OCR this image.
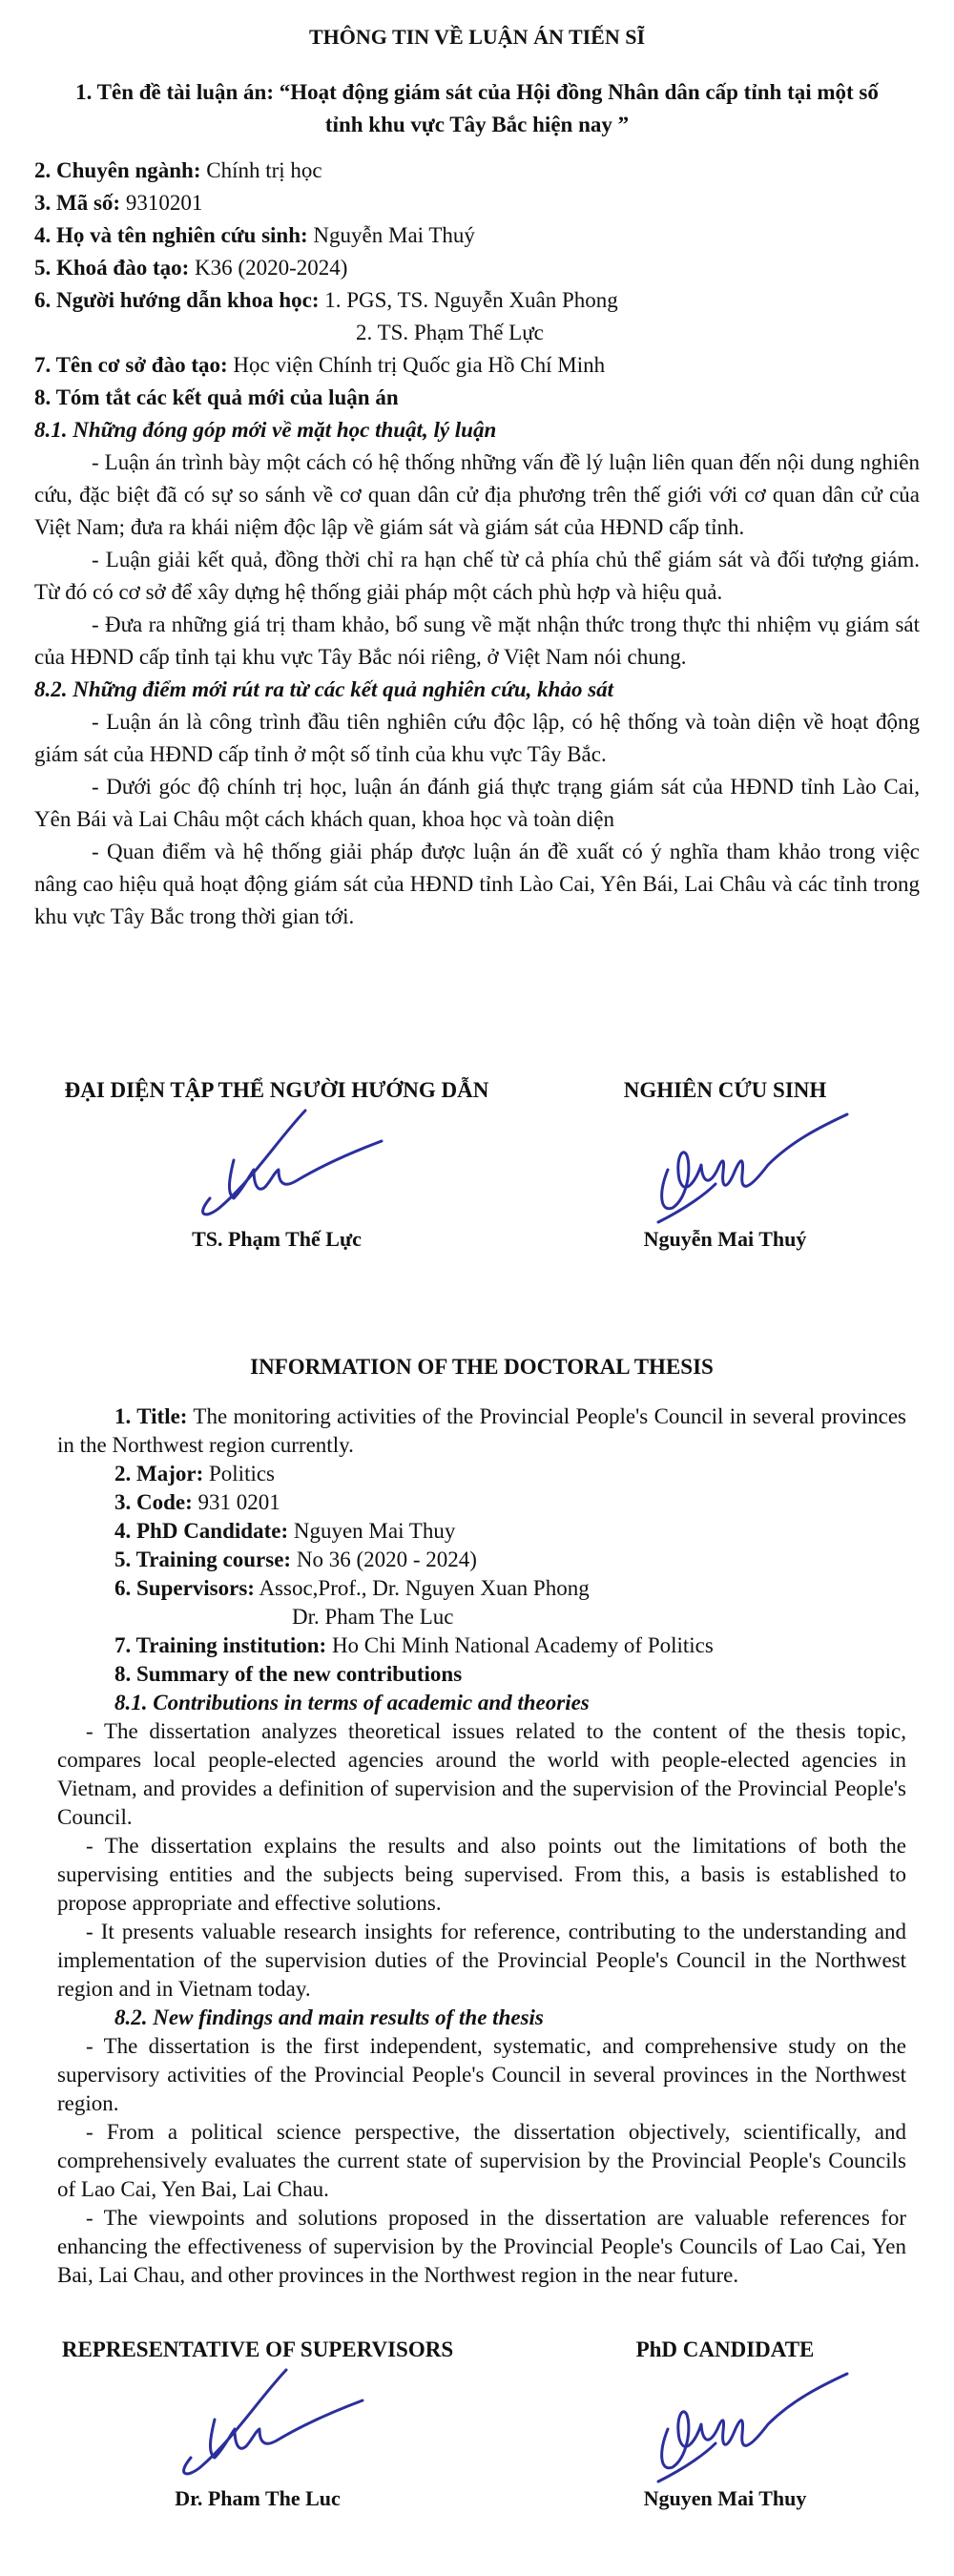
THÔNG TIN VỀ LUẬN ÁN TIẾN SĨ

1. Tên đề tài luận án: “Hoạt động giám sát của Hội đồng Nhân dân cấp tỉnh tại một số tỉnh khu vực Tây Bắc hiện nay ”

2. Chuyên ngành: Chính trị học

3. Mã số: 9310201

4. Họ và tên nghiên cứu sinh: Nguyễn Mai Thuý

5. Khoá đào tạo: K36 (2020-2024)

6. Người hướng dẫn khoa học: 1. PGS, TS. Nguyễn Xuân Phong

2. TS. Phạm Thế Lực

7. Tên cơ sở đào tạo: Học viện Chính trị Quốc gia Hồ Chí Minh

8. Tóm tắt các kết quả mới của luận án

8.1. Những đóng góp mới về mặt học thuật, lý luận

- Luận án trình bày một cách có hệ thống những vấn đề lý luận liên quan đến nội dung nghiên cứu, đặc biệt đã có sự so sánh về cơ quan dân cử địa phương trên thế giới với cơ quan dân cử của Việt Nam; đưa ra khái niệm độc lập về giám sát và giám sát của HĐND cấp tỉnh.

- Luận giải kết quả, đồng thời chỉ ra hạn chế từ cả phía chủ thể giám sát và đối tượng giám. Từ đó có cơ sở để xây dựng hệ thống giải pháp một cách phù hợp và hiệu quả.

- Đưa ra những giá trị tham khảo, bổ sung về mặt nhận thức trong thực thi nhiệm vụ giám sát của HĐND cấp tỉnh tại khu vực Tây Bắc nói riêng, ở Việt Nam nói chung.

8.2. Những điểm mới rút ra từ các kết quả nghiên cứu, khảo sát

- Luận án là công trình đầu tiên nghiên cứu độc lập, có hệ thống và toàn diện về hoạt động giám sát của HĐND cấp tỉnh ở một số tỉnh của khu vực Tây Bắc.

- Dưới góc độ chính trị học, luận án đánh giá thực trạng giám sát của HĐND tỉnh Lào Cai, Yên Bái và Lai Châu một cách khách quan, khoa học và toàn diện

- Quan điểm và hệ thống giải pháp được luận án đề xuất có ý nghĩa tham khảo trong việc nâng cao hiệu quả hoạt động giám sát của HĐND tỉnh Lào Cai, Yên Bái, Lai Châu và các tỉnh trong khu vực Tây Bắc trong thời gian tới.

ĐẠI DIỆN TẬP THỂ NGƯỜI HƯỚNG DẪN
TS. Phạm Thế Lực
NGHIÊN CỨU SINH
Nguyễn Mai Thuý

INFORMATION OF THE DOCTORAL THESIS

1. Title: The monitoring activities of the Provincial People's Council in several provinces in the Northwest region currently.

2. Major: Politics

3. Code: 931 0201

4. PhD Candidate: Nguyen Mai Thuy

5. Training course: No 36 (2020 - 2024)

6. Supervisors: Assoc,Prof., Dr. Nguyen Xuan Phong

Dr. Pham The Luc

7. Training institution: Ho Chi Minh National Academy of Politics

8. Summary of the new contributions

8.1. Contributions in terms of academic and theories

- The dissertation analyzes theoretical issues related to the content of the thesis topic, compares local people-elected agencies around the world with people-elected agencies in Vietnam, and provides a definition of supervision and the supervision of the Provincial People's Council.

- The dissertation explains the results and also points out the limitations of both the supervising entities and the subjects being supervised. From this, a basis is established to propose appropriate and effective solutions.

- It presents valuable research insights for reference, contributing to the understanding and implementation of the supervision duties of the Provincial People's Council in the Northwest region and in Vietnam today.

8.2. New findings and main results of the thesis

- The dissertation is the first independent, systematic, and comprehensive study on the supervisory activities of the Provincial People's Council in several provinces in the Northwest region.

- From a political science perspective, the dissertation objectively, scientifically, and comprehensively evaluates the current state of supervision by the Provincial People's Councils of Lao Cai, Yen Bai, Lai Chau.

- The viewpoints and solutions proposed in the dissertation are valuable references for enhancing the effectiveness of supervision by the Provincial People's Councils of Lao Cai, Yen Bai, Lai Chau, and other provinces in the Northwest region in the near future.

REPRESENTATIVE OF SUPERVISORS
Dr. Pham The Luc
PhD CANDIDATE
Nguyen Mai Thuy
